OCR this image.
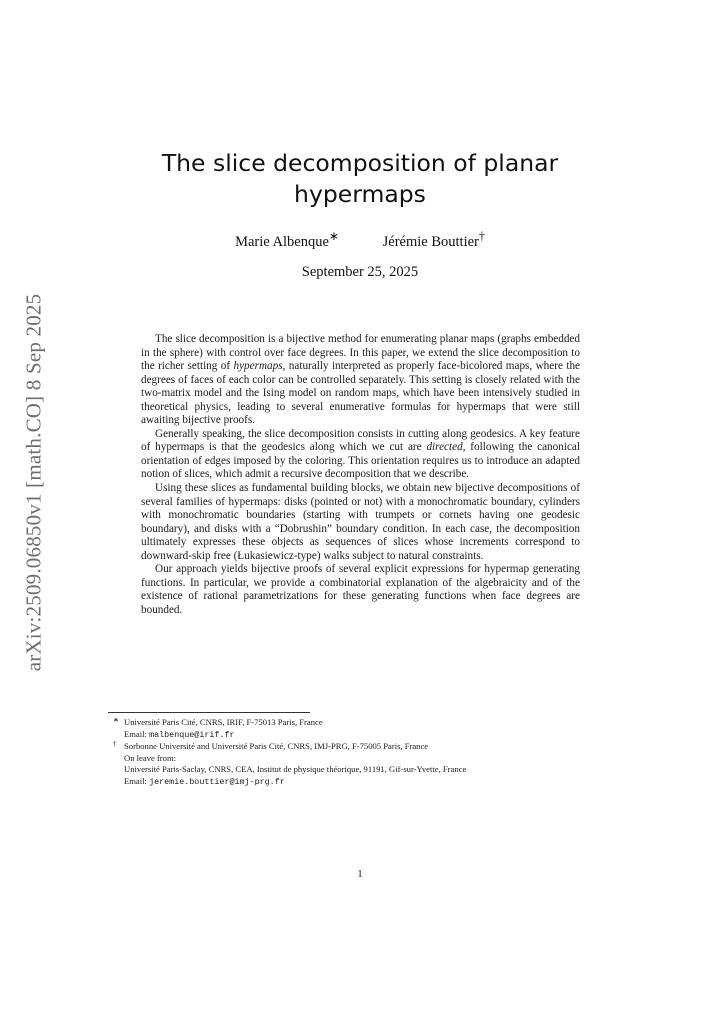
arXiv:2509.06850v1 [math.CO] 8 Sep 2025
The slice decomposition of planar hypermaps
Marie Albenque∗	Jérémie Bouttier†
September 25, 2025

The slice decomposition is a bijective method for enumerating planar maps (graphs embedded in the sphere) with control over face degrees. In this paper, we extend the slice decomposition to the richer setting of hypermaps, naturally interpreted as properly face-bicolored maps, where the degrees of faces of each color can be controlled separately. This setting is closely related with the two-matrix model and the Ising model on random maps, which have been intensively studied in theoretical physics, leading to several enumerative formulas for hypermaps that were still awaiting bijective proofs.

Generally speaking, the slice decomposition consists in cutting along geodesics. A key feature of hypermaps is that the geodesics along which we cut are directed, following the canonical orientation of edges imposed by the coloring. This orientation requires us to introduce an adapted notion of slices, which admit a recursive decomposition that we describe.

Using these slices as fundamental building blocks, we obtain new bijective decompositions of several families of hypermaps: disks (pointed or not) with a monochromatic boundary, cylinders with monochromatic boundaries (starting with trumpets or cornets having one geodesic boundary), and disks with a “Dobrushin” boundary condition. In each case, the decomposition ultimately expresses these objects as sequences of slices whose increments correspond to downward-skip free (Łukasiewicz-type) walks subject to natural constraints.

Our approach yields bijective proofs of several explicit expressions for hypermap generating functions. In particular, we provide a combinatorial explanation of the algebraicity and of the existence of rational parametrizations for these generating functions when face degrees are bounded.

∗ Université Paris Cité, CNRS, IRIF, F-75013 Paris, France
Email: malbenque@irif.fr
† Sorbonne Université and Université Paris Cité, CNRS, IMJ-PRG, F-75005 Paris, France
On leave from:
Université Paris-Saclay, CNRS, CEA, Institut de physique théorique, 91191, Gif-sur-Yvette, France
Email: jeremie.bouttier@imj-prg.fr
1
